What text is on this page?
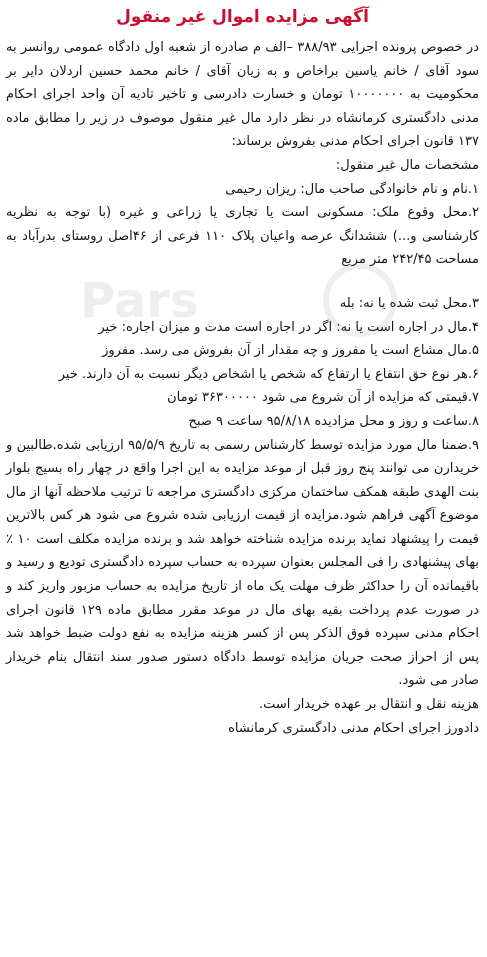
آگهی مزایده اموال غیر منقول

در خصوص پرونده اجرایی ۳۸۸/۹۳ –الف م صادره از شعبه اول دادگاه عمومی روانسر به سود آقای / خانم یاسین براخاص و به زیان آقای / خانم محمد حسین اردلان دایر بر محکومیت به ۱۰۰۰۰۰۰۰ تومان و خسارت دادرسی و تاخیر تادیه آن واحد اجرای احکام مدنی دادگستری کرمانشاه در نظر دارد مال غیر منقول موصوف در زیر را مطابق ماده ۱۳۷ قانون اجرای احکام مدنی بفروش برساند:

مشخصات مال غیر منقول:

۱.نام و نام خانوادگی صاحب مال: ریزان رحیمی

۲.محل وقوع ملک: مسکونی است یا تجاری یا زراعی و غیره (با توجه به نظریه کارشناسی و...) ششدانگ عرصه واعیان پلاک ۱۱۰ فرعی از ۴۶اصل روستای بدرآباد به مساحت ۲۴۲/۴۵ متر مربع

۳.محل ثبت شده یا نه: بله

۴.مال در اجاره است یا نه: اگر در اجاره است مدت و میزان اجاره: خیر

۵.مال مشاع است یا مفروز و چه مقدار از آن بفروش می رسد. مفروز

۶.هر نوع حق انتفاع یا ارتفاع که شخص یا اشخاص دیگر نسبت به آن دارند. خیر

۷.قیمتی که مزایده از آن شروع می شود ۳۶۳۰۰۰۰۰ تومان

۸.ساعت و روز و محل مزادیده ۹۵/۸/۱۸ ساعت ۹ صبح

۹.ضمنا مال مورد مزایده توسط کارشناس رسمی به تاریخ ۹۵/۵/۹ ارزیابی شده.طالبین و خریدارن می توانند پنج روز قبل از موعد مزایده به این اجرا واقع در چهار راه بسیج بلوار بنت الهدی طبقه همکف ساختمان مرکزی دادگستری مراجعه تا ترتیب ملاحظه آنها از مال موضوع آگهی فراهم شود.مزایده از قیمت ارزیابی شده شروع می شود هر کس بالاترین قیمت را پیشنهاد نماید برنده مزایده شناخته خواهد شد و برنده مزایده مکلف است ۱۰ ٪ بهای پیشنهادی را فی المجلس بعنوان سپرده به حساب سپرده دادگستری تودیع و رسید و باقیمانده آن را حداکثر ظرف مهلت یک ماه از تاریخ مزایده به حساب مزبور واریز کند و در صورت عدم پرداخت بقیه بهای مال در موعد مقرر مطابق ماده ۱۲۹ قانون اجرای احکام مدنی سپرده فوق الذکر پس از کسر هزینه مزایده به نفع دولت ضبط خواهد شد پس از احراز صحت جریان مزایده توسط دادگاه دستور صدور سند انتقال بنام خریدار صادر می شود.

هزینه نقل و انتقال بر عهده خریدار است.

دادورز اجرای احکام مدنی دادگستری کرمانشاه

Pars
